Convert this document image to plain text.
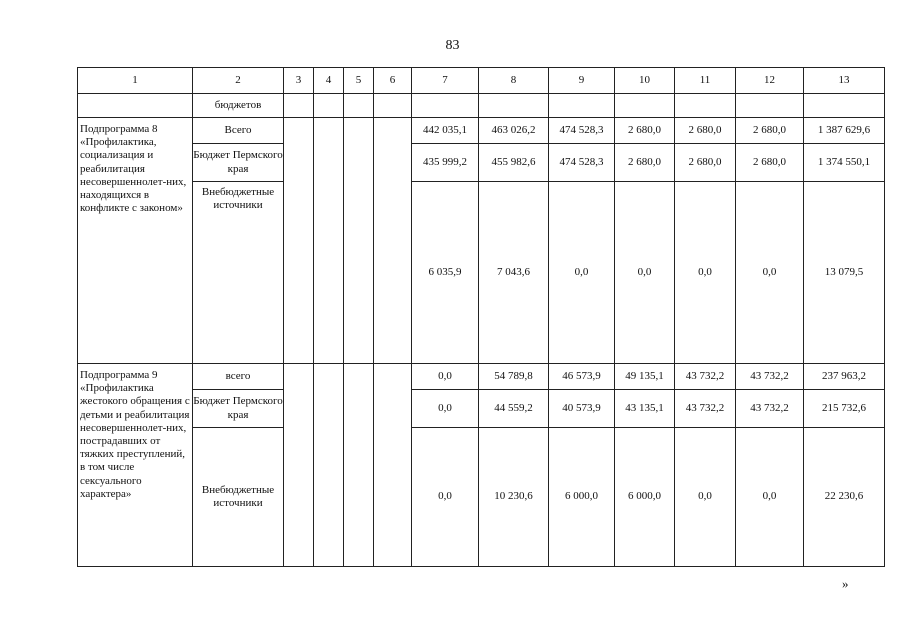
83
1	2	3	4	5	6	7	8	9	10	11	12	13
	бюджетов											
Подпрограмма 8 «Профилактика, социализация и реабилитация несовершеннолет-них, находящихся в конфликте с законом»	Всего					442 035,1	463 026,2	474 528,3	2 680,0	2 680,0	2 680,0	1 387 629,6
	Бюджет Пермского края					435 999,2	455 982,6	474 528,3	2 680,0	2 680,0	2 680,0	1 374 550,1
	Внебюджетные источники					6 035,9	7 043,6	0,0	0,0	0,0	0,0	13 079,5
Подпрограмма 9 «Профилактика жестокого обращения с детьми и реабилитация несовершеннолет-них, пострадавших от тяжких преступлений, в том числе сексуального характера»	всего					0,0	54 789,8	46 573,9	49 135,1	43 732,2	43 732,2	237 963,2
	Бюджет Пермского края					0,0	44 559,2	40 573,9	43 135,1	43 732,2	43 732,2	215 732,6
	Внебюджетные источники					0,0	10 230,6	6 000,0	6 000,0	0,0	0,0	22 230,6
»
